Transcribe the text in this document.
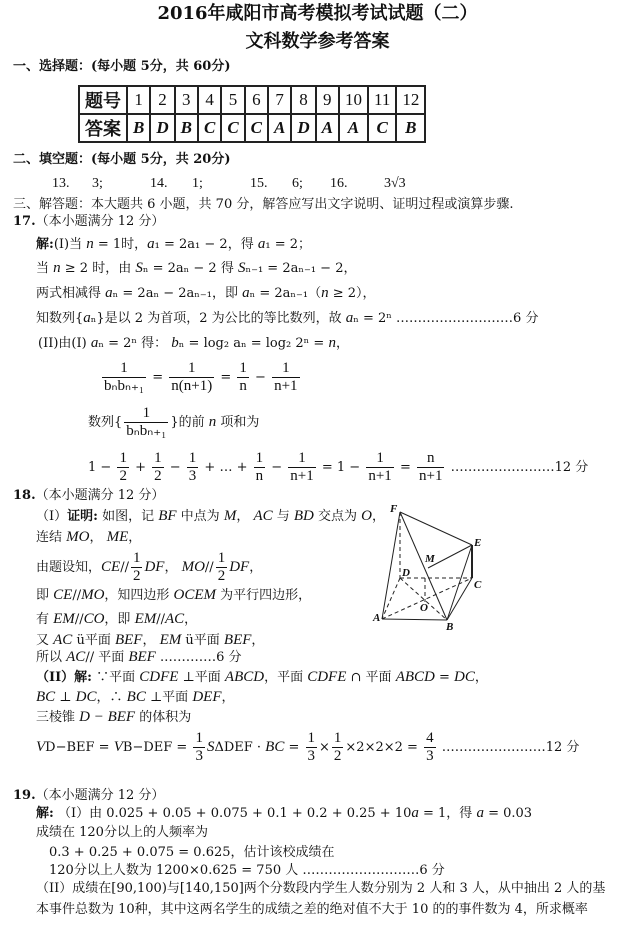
2016年咸阳市高考模拟考试试题（二）
文科数学参考答案
一、选择题：(每小题 5分，共 60分)
题号	1	2	3	4	5	6	7	8	9	10	11	12
答案	B	D	B	C	C	C	A	D	A	A	C	B
二、填空题：(每小题 5分，共 20分)
13. 3;	14. 1;	15. 6; 16.	3√3
三、解答题：本大题共 6 小题，共 70 分，解答应写出文字说明、证明过程或演算步骤.
17.（本小题满分 12 分）
解:(I)当 n = 1时，a₁ = 2a₁ − 2，得 a₁ = 2；
当 n ≥ 2 时，由 Sₙ = 2aₙ − 2 得 Sₙ₋₁ = 2aₙ₋₁ − 2，
两式相减得 aₙ = 2aₙ − 2aₙ₋₁，即 aₙ = 2aₙ₋₁（n ≥ 2），
知数列{aₙ}是以 2 为首项，2 为公比的等比数列，故 aₙ = 2ⁿ ………………………6 分
(II)由(I) aₙ = 2ⁿ 得： bₙ = log₂ aₙ = log₂ 2ⁿ = n，
1
bₙbₙ₊₁
= $\frac{1}{n(n+1)} = \frac{1}{n} - \frac{1}{n+1}$
数列{
1
bₙbₙ₊₁
}的前 n 项和为
$1 - \frac{1}{2} + \frac{1}{2} - \frac{1}{3}$ + … + $\frac{1}{n} - \frac{1}{n+1} = 1 - \frac{1}{n+1} = \frac{n}{n+1}$ ……………………12 分
18.（本小题满分 12 分）
（I）证明: 如图，记 BF 中点为 M， AC 与 BD 交点为 O，
连结 MO， ME，
由题设知，$CE// \frac{1}{2}$ DF， $MO// \frac{1}{2}$ DF，
即 CE//MO，知四边形 OCEM 为平行四边形，
有 EM//CO，即 EM//AC，
又 AC ü平面 BEF， EM ü平面 BEF，
所以 AC// 平面 BEF .…………6 分
（II）解: ∵平面 CDFE ⊥平面 ABCD，平面 CDFE ∩ 平面 ABCD = DC，
BC ⊥ DC，∴ BC ⊥平面 DEF，
三棱锥 D − BEF 的体积为
$VD-BEF = VB-DEF = \frac{1}{3}$ SΔDEF · BC = $\frac{1}{3} \times \frac{1}{2} \times 2\times 2\times 2 = \frac{4}{3}$ ……………………12 分
19.（本小题满分 12 分）
解: （I）由 0.025 + 0.05 + 0.075 + 0.1 + 0.2 + 0.25 + 10a = 1，得 a = 0.03
成绩在 120分以上的人频率为
0.3 + 0.25 + 0.075 = 0.625，估计该校成绩在
120分以上人数为 1200×0.625 = 750 人 ………………………6 分
（II）成绩在[90,100)与[140,150]两个分数段内学生人数分别为 2 人和 3 人，从中抽出 2 人的基
本事件总数为 10种，其中这两名学生的成绩之差的绝对值不大于 10 的的事件数为 4，所求概率
F
E
M
D
C
O
A
B
